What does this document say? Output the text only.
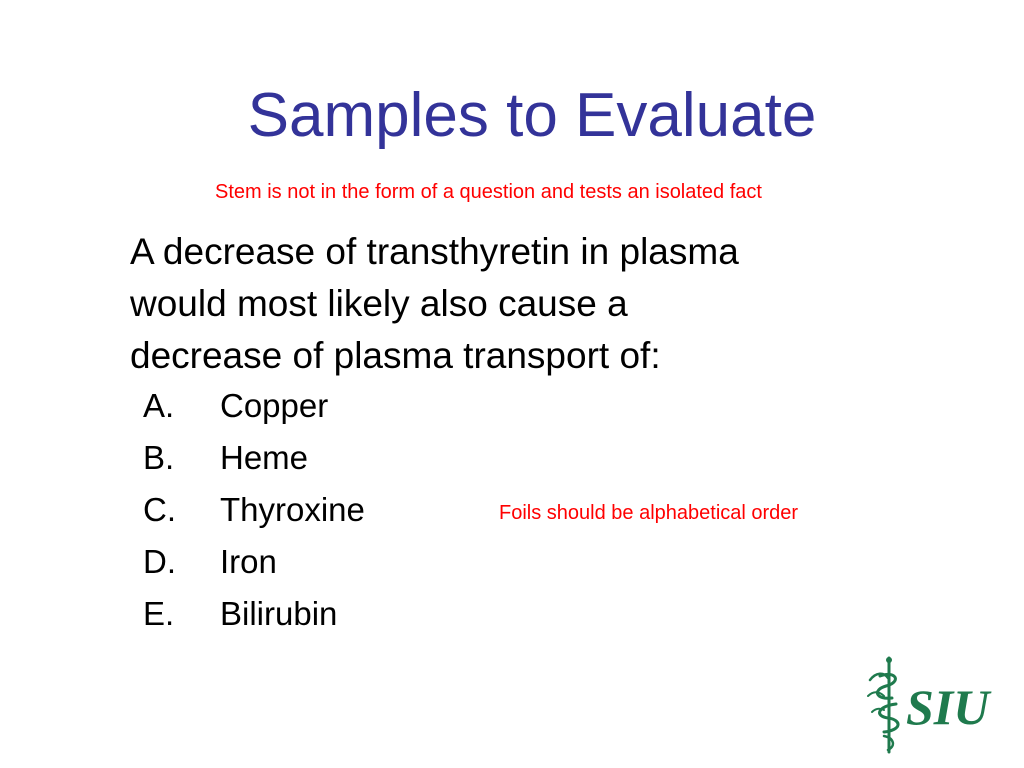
Samples to Evaluate
Stem is not in the form of a question and tests an isolated fact
A decrease of transthyretin in plasma
would most likely also cause a
decrease of plasma transport of:
A.	Copper
B.	Heme
C.	Thyroxine
D.	Iron
E.	Bilirubin
Foils should be alphabetical order
SIU
